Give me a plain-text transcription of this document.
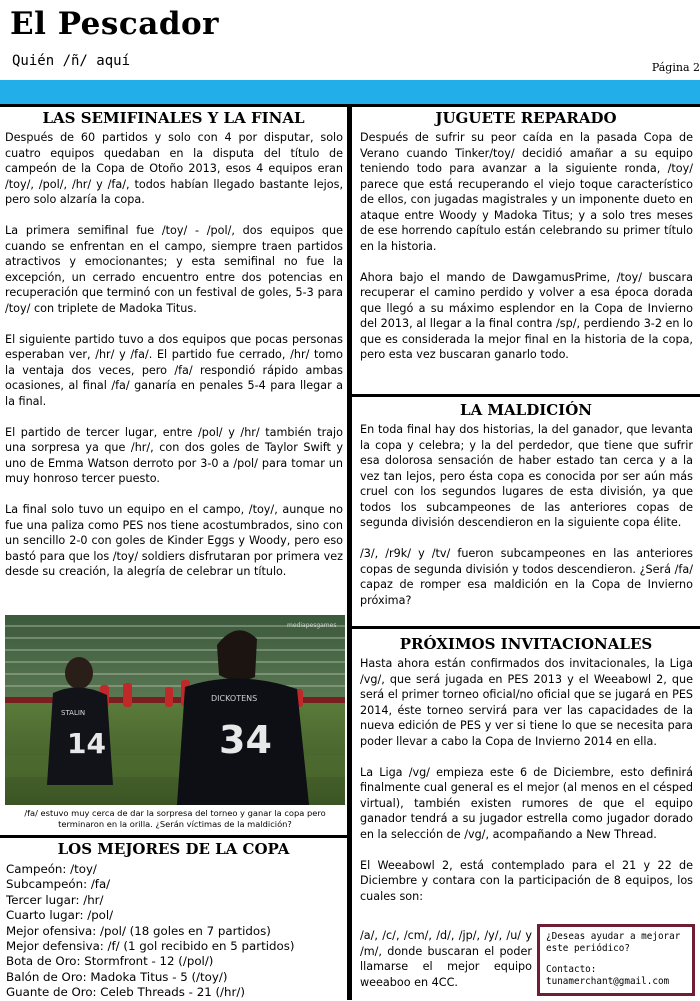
El Pescador
Quién /ñ/ aquí	Página 2
LAS SEMIFINALES Y LA FINAL

Después de 60 partidos y solo con 4 por disputar, solo cuatro equipos quedaban en la disputa del título de campeón de la Copa de Otoño 2013, esos 4 equipos eran /toy/, /pol/, /hr/ y /fa/, todos habían llegado bastante lejos, pero solo alzaría la copa.

La primera semifinal fue /toy/ - /pol/, dos equipos que cuando se enfrentan en el campo, siempre traen partidos atractivos y emocionantes; y esta semifinal no fue la excepción, un cerrado encuentro entre dos potencias en recuperación que terminó con un festival de goles, 5-3 para /toy/ con triplete de Madoka Titus.

El siguiente partido tuvo a dos equipos que pocas personas esperaban ver, /hr/ y /fa/. El partido fue cerrado, /hr/ tomo la ventaja dos veces, pero /fa/ respondió rápido ambas ocasiones, al final /fa/ ganaría en penales 5-4 para llegar a la final.

El partido de tercer lugar, entre /pol/ y /hr/ también trajo una sorpresa ya que /hr/, con dos goles de Taylor Swift y uno de Emma Watson derroto por 3-0 a /pol/ para tomar un muy honroso tercer puesto.

La final solo tuvo un equipo en el campo, /toy/, aunque no fue una paliza como PES nos tiene acostumbrados, sino con un sencillo 2-0 con goles de Kinder Eggs y Woody, pero eso bastó para que los /toy/ soldiers disfrutaran por primera vez desde su creación, la alegría de celebrar un título.

STALIN
14
DICKOTENS
34
mediapesgames
/fa/ estuvo muy cerca de dar la sorpresa del torneo y ganar la copa pero terminaron en la orilla. ¿Serán víctimas de la maldición?
LOS MEJORES DE LA COPA
Campeón: /toy/
Subcampeón: /fa/
Tercer lugar: /hr/
Cuarto lugar: /pol/
Mejor ofensiva: /pol/ (18 goles en 7 partidos)
Mejor defensiva: /f/ (1 gol recibido en 5 partidos)
Bota de Oro: Stormfront - 12 (/pol/)
Balón de Oro: Madoka Titus - 5 (/toy/)
Guante de Oro: Celeb Threads - 21 (/hr/)
JUGUETE REPARADO

Después de sufrir su peor caída en la pasada Copa de Verano cuando Tinker/toy/ decidió amañar a su equipo teniendo todo para avanzar a la siguiente ronda, /toy/ parece que está recuperando el viejo toque característico de ellos, con jugadas magistrales y un imponente dueto en ataque entre Woody y Madoka Titus; y a solo tres meses de ese horrendo capítulo están celebrando su primer título en la historia.

Ahora bajo el mando de DawgamusPrime, /toy/ buscara recuperar el camino perdido y volver a esa época dorada que llegó a su máximo esplendor en la Copa de Invierno del 2013, al llegar a la final contra /sp/, perdiendo 3-2 en lo que es considerada la mejor final en la historia de la copa, pero esta vez buscaran ganarlo todo.

LA MALDICIÓN

En toda final hay dos historias, la del ganador, que levanta la copa y celebra; y la del perdedor, que tiene que sufrir esa dolorosa sensación de haber estado tan cerca y a la vez tan lejos, pero ésta copa es conocida por ser aún más cruel con los segundos lugares de esta división, ya que todos los subcampeones de las anteriores copas de segunda división descendieron en la siguiente copa élite.

/3/, /r9k/ y /tv/ fueron subcampeones en las anteriores copas de segunda división y todos descendieron. ¿Será /fa/ capaz de romper esa maldición en la Copa de Invierno próxima?

PRÓXIMOS INVITACIONALES

Hasta ahora están confirmados dos invitacionales, la Liga /vg/, que será jugada en PES 2013 y el Weeabowl 2, que será el primer torneo oficial/no oficial que se jugará en PES 2014, éste torneo servirá para ver las capacidades de la nueva edición de PES y ver si tiene lo que se necesita para poder llevar a cabo la Copa de Invierno 2014 en ella.

La Liga /vg/ empieza este 6 de Diciembre, esto definirá finalmente cual general es el mejor (al menos en el césped virtual), también existen rumores de que el equipo ganador tendrá a su jugador estrella como jugador dorado en la selección de /vg/, acompañando a New Thread.

El Weeabowl 2, está contemplado para el 21 y 22 de Diciembre y contara con la participación de 8 equipos, los cuales son:

/a/, /c/, /cm/, /d/, /jp/, /y/, /u/ y /m/, donde buscaran el poder llamarse el mejor equipo weeaboo en 4CC.

¿Deseas ayudar a mejorar este periódico?

Contacto:
tunamerchant@gmail.com
